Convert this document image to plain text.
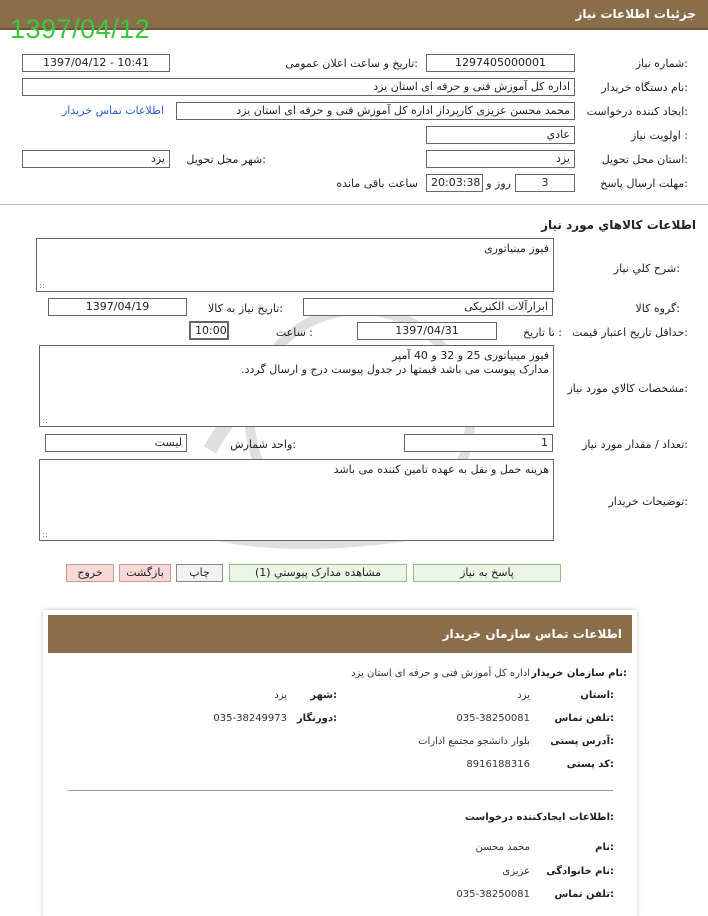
جزئیات اطلاعات نیاز
1397/04/12
شماره نیاز:
1297405000001
تاریخ و ساعت اعلان عمومی:
1397/04/12 - 10:41
نام دستگاه خریدار:
اداره کل آموزش فنی و حرفه ای استان یزد
ایجاد کننده درخواست:
محمد محسن عزیزی کارپرداز اداره کل آموزش فنی و حرفه ای استان یزد
اطلاعات تماس خریدار
اولویت نیاز :
عادي
استان محل تحویل:
یزد
شهر محل تحویل:
یزد
مهلت ارسال پاسخ:
3
روز و
20:03:38
ساعت باقی مانده
اطلاعات کالاهاي مورد نیاز
شرح کلي نیاز:
فیوز مینیاتوری
گروه کالا:
ابزارآلات الکتریکی
تاریخ نیاز به کالا:
1397/04/19
حداقل تاریخ اعتبار قیمت:
تا تاریخ :
1397/04/31
ساعت :
10:00
مشخصات کالاي مورد نیاز:
فیوز مینیاتوری 25 و 32 و 40 آمپر
مدارک پیوست می باشد قیمتها در جدول پیوست درج و ارسال گردد.
تعداد / مقدار مورد نیاز:
1
واحد شمارش:
لیست
توضیحات خریدار:
هزینه حمل و نقل به عهده تامین کننده می باشد
پاسخ به نیاز
مشاهده مدارک پیوستي (1)
چاپ
بازگشت
خروج
اطلاعات تماس سازمان خریدار
نام سازمان خریدار:
اداره کل آموزش فنی و حرفه ای استان یزد
استان:
یزد
شهر:
یزد
تلفن تماس:
035-38250081
دورنگار:
035-38249973
آدرس پستی:
بلوار دانشجو مجتمع ادارات
کد پستی:
8916188316
اطلاعات ایجادکننده درخواست:
نام:
محمد محسن
نام خانوادگی:
عزیزی
تلفن تماس:
035-38250081
